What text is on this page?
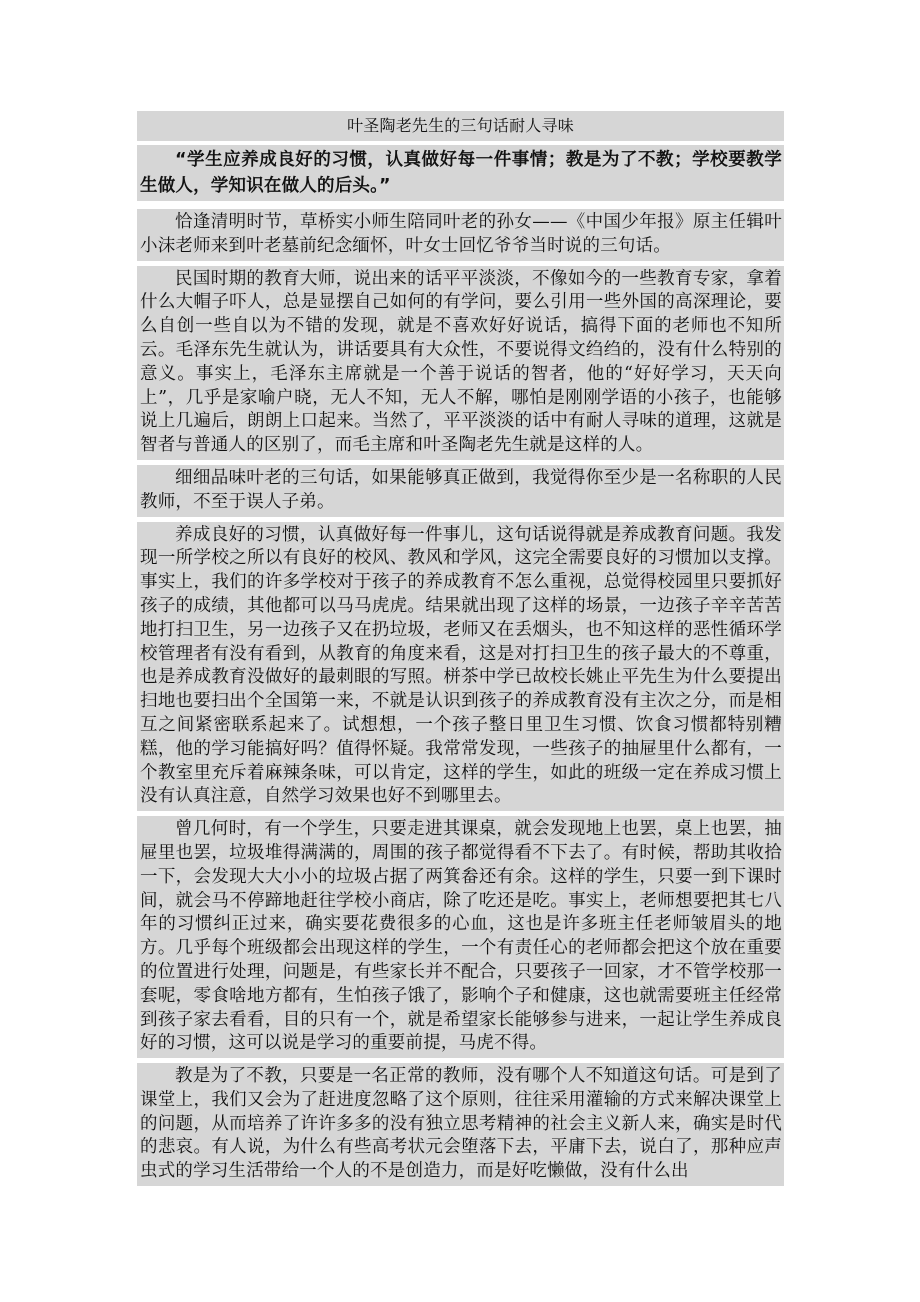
叶圣陶老先生的三句话耐人寻味
“学生应养成良好的习惯，认真做好每一件事情；教是为了不教；学校要教学生做人，学知识在做人的后头。”
恰逢清明时节，草桥实小师生陪同叶老的孙女——《中国少年报》原主任辑叶小沫老师来到叶老墓前纪念缅怀，叶女士回忆爷爷当时说的三句话。
民国时期的教育大师，说出来的话平平淡淡，不像如今的一些教育专家，拿着什么大帽子吓人，总是显摆自己如何的有学问，要么引用一些外国的高深理论，要么自创一些自以为不错的发现，就是不喜欢好好说话，搞得下面的老师也不知所云。毛泽东先生就认为，讲话要具有大众性，不要说得文绉绉的，没有什么特别的意义。事实上，毛泽东主席就是一个善于说话的智者，他的“好好学习，天天向上”，几乎是家喻户晓，无人不知，无人不解，哪怕是刚刚学语的小孩子，也能够说上几遍后，朗朗上口起来。当然了，平平淡淡的话中有耐人寻味的道理，这就是智者与普通人的区别了，而毛主席和叶圣陶老先生就是这样的人。
细细品味叶老的三句话，如果能够真正做到，我觉得你至少是一名称职的人民教师，不至于误人子弟。
养成良好的习惯，认真做好每一件事儿，这句话说得就是养成教育问题。我发现一所学校之所以有良好的校风、教风和学风，这完全需要良好的习惯加以支撑。事实上，我们的许多学校对于孩子的养成教育不怎么重视，总觉得校园里只要抓好孩子的成绩，其他都可以马马虎虎。结果就出现了这样的场景，一边孩子辛辛苦苦地打扫卫生，另一边孩子又在扔垃圾，老师又在丢烟头，也不知这样的恶性循环学校管理者有没有看到，从教育的角度来看，这是对打扫卫生的孩子最大的不尊重，也是养成教育没做好的最刺眼的写照。栟茶中学已故校长姚止平先生为什么要提出扫地也要扫出个全国第一来，不就是认识到孩子的养成教育没有主次之分，而是相互之间紧密联系起来了。试想想，一个孩子整日里卫生习惯、饮食习惯都特别糟糕，他的学习能搞好吗？值得怀疑。我常常发现，一些孩子的抽屉里什么都有，一个教室里充斥着麻辣条味，可以肯定，这样的学生，如此的班级一定在养成习惯上没有认真注意，自然学习效果也好不到哪里去。
曾几何时，有一个学生，只要走进其课桌，就会发现地上也罢，桌上也罢，抽屉里也罢，垃圾堆得满满的，周围的孩子都觉得看不下去了。有时候，帮助其收拾一下，会发现大大小小的垃圾占据了两箕畚还有余。这样的学生，只要一到下课时间，就会马不停蹄地赶往学校小商店，除了吃还是吃。事实上，老师想要把其七八年的习惯纠正过来，确实要花费很多的心血，这也是许多班主任老师皱眉头的地方。几乎每个班级都会出现这样的学生，一个有责任心的老师都会把这个放在重要的位置进行处理，问题是，有些家长并不配合，只要孩子一回家，才不管学校那一套呢，零食啥地方都有，生怕孩子饿了，影响个子和健康，这也就需要班主任经常到孩子家去看看，目的只有一个，就是希望家长能够参与进来，一起让学生养成良好的习惯，这可以说是学习的重要前提，马虎不得。
教是为了不教，只要是一名正常的教师，没有哪个人不知道这句话。可是到了课堂上，我们又会为了赶进度忽略了这个原则，往往采用灌输的方式来解决课堂上的问题，从而培养了许许多多的没有独立思考精神的社会主义新人来，确实是时代的悲哀。有人说，为什么有些高考状元会堕落下去，平庸下去，说白了，那种应声虫式的学习生活带给一个人的不是创造力，而是好吃懒做，没有什么出
